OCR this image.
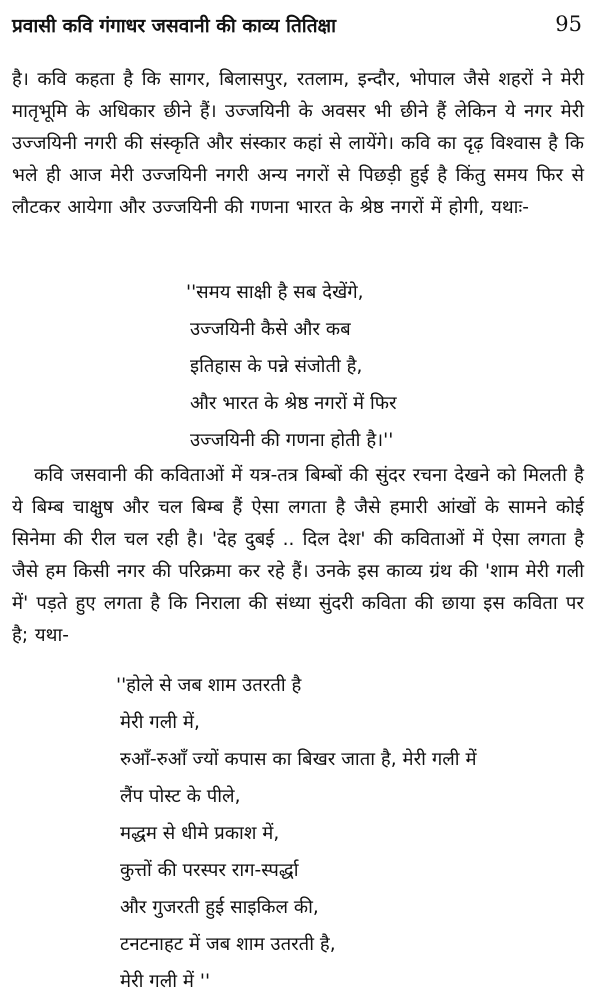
प्रवासी कवि गंगाधर जसवानी की काव्य तितिक्षा	95
है। कवि कहता है कि सागर, बिलासपुर, रतलाम, इन्दौर, भोपाल जैसे शहरों ने मेरी मातृभूमि के अधिकार छीने हैं। उज्जयिनी के अवसर भी छीने हैं लेकिन ये नगर मेरी उज्जयिनी नगरी की संस्कृति और संस्कार कहां से लायेंगे। कवि का दृढ़ विश्वास है कि भले ही आज मेरी उज्जयिनी नगरी अन्य नगरों से पिछड़ी हुई है किंतु समय फिर से लौटकर आयेगा और उज्जयिनी की गणना भारत के श्रेष्ठ नगरों में होगी, यथाः-
''समय साक्षी है सब देखेंगे,
उज्जयिनी कैसे और कब
इतिहास के पन्ने संजोती है,
और भारत के श्रेष्ठ नगरों में फिर
उज्जयिनी की गणना होती है।''
कवि जसवानी की कविताओं में यत्र-तत्र बिम्बों की सुंदर रचना देखने को मिलती है ये बिम्ब चाक्षुष और चल बिम्ब हैं ऐसा लगता है जैसे हमारी आंखों के सामने कोई सिनेमा की रील चल रही है। 'देह दुबई .. दिल देश' की कविताओं में ऐसा लगता है जैसे हम किसी नगर की परिक्रमा कर रहे हैं। उनके इस काव्य ग्रंथ की 'शाम मेरी गली में' पड़ते हुए लगता है कि निराला की संध्या सुंदरी कविता की छाया इस कविता पर है; यथा-
''होले से जब शाम उतरती है
मेरी गली में,
रुआँ-रुआँ ज्यों कपास का बिखर जाता है, मेरी गली में
लैंप पोस्ट के पीले,
मद्धम से धीमे प्रकाश में,
कुत्तों की परस्पर राग-स्पर्द्धा
और गुजरती हुई साइकिल की,
टनटनाहट में जब शाम उतरती है,
मेरी गली में ''
